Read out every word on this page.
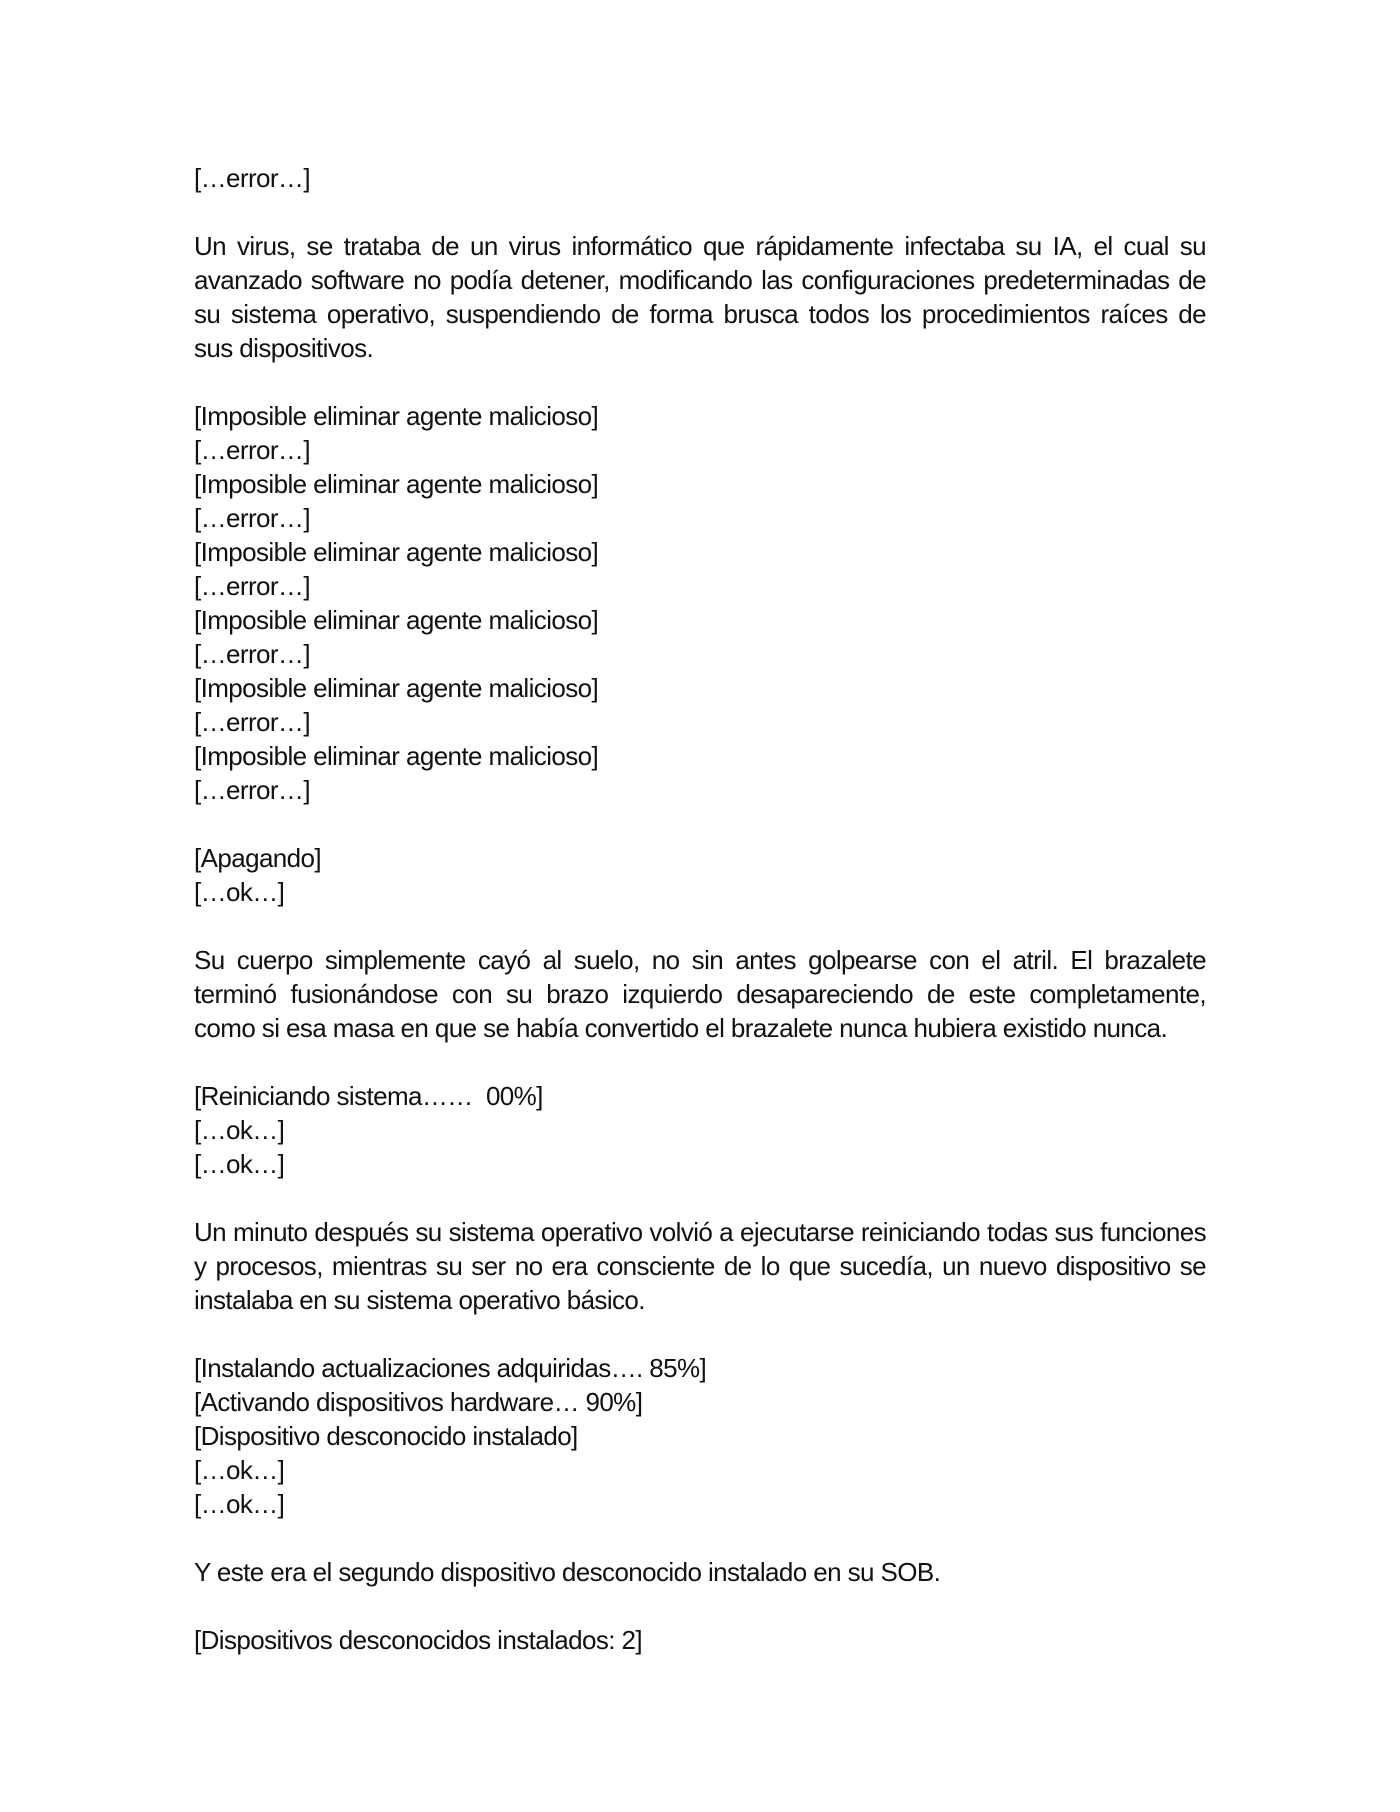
[…error…]

Un virus, se trataba de un virus informático que rápidamente infectaba su IA, el cual su avanzado software no podía detener, modificando las configuraciones predeterminadas de su sistema operativo, suspendiendo de forma brusca todos los procedimientos raíces de sus dispositivos.

[Imposible eliminar agente malicioso]
[…error…]
[Imposible eliminar agente malicioso]
[…error…]
[Imposible eliminar agente malicioso]
[…error…]
[Imposible eliminar agente malicioso]
[…error…]
[Imposible eliminar agente malicioso]
[…error…]
[Imposible eliminar agente malicioso]
[…error…]
[Apagando]
[…ok…]

Su cuerpo simplemente cayó al suelo, no sin antes golpearse con el atril. El brazalete terminó fusionándose con su brazo izquierdo desapareciendo de este completamente, como si esa masa en que se había convertido el brazalete nunca hubiera existido nunca.

[Reiniciando sistema……  00%]
[…ok…]
[…ok…]

Un minuto después su sistema operativo volvió a ejecutarse reiniciando todas sus funciones y procesos, mientras su ser no era consciente de lo que sucedía, un nuevo dispositivo se instalaba en su sistema operativo básico.

[Instalando actualizaciones adquiridas…. 85%]
[Activando dispositivos hardware… 90%]
[Dispositivo desconocido instalado]
[…ok…]
[…ok…]

Y este era el segundo dispositivo desconocido instalado en su SOB.

[Dispositivos desconocidos instalados: 2]
